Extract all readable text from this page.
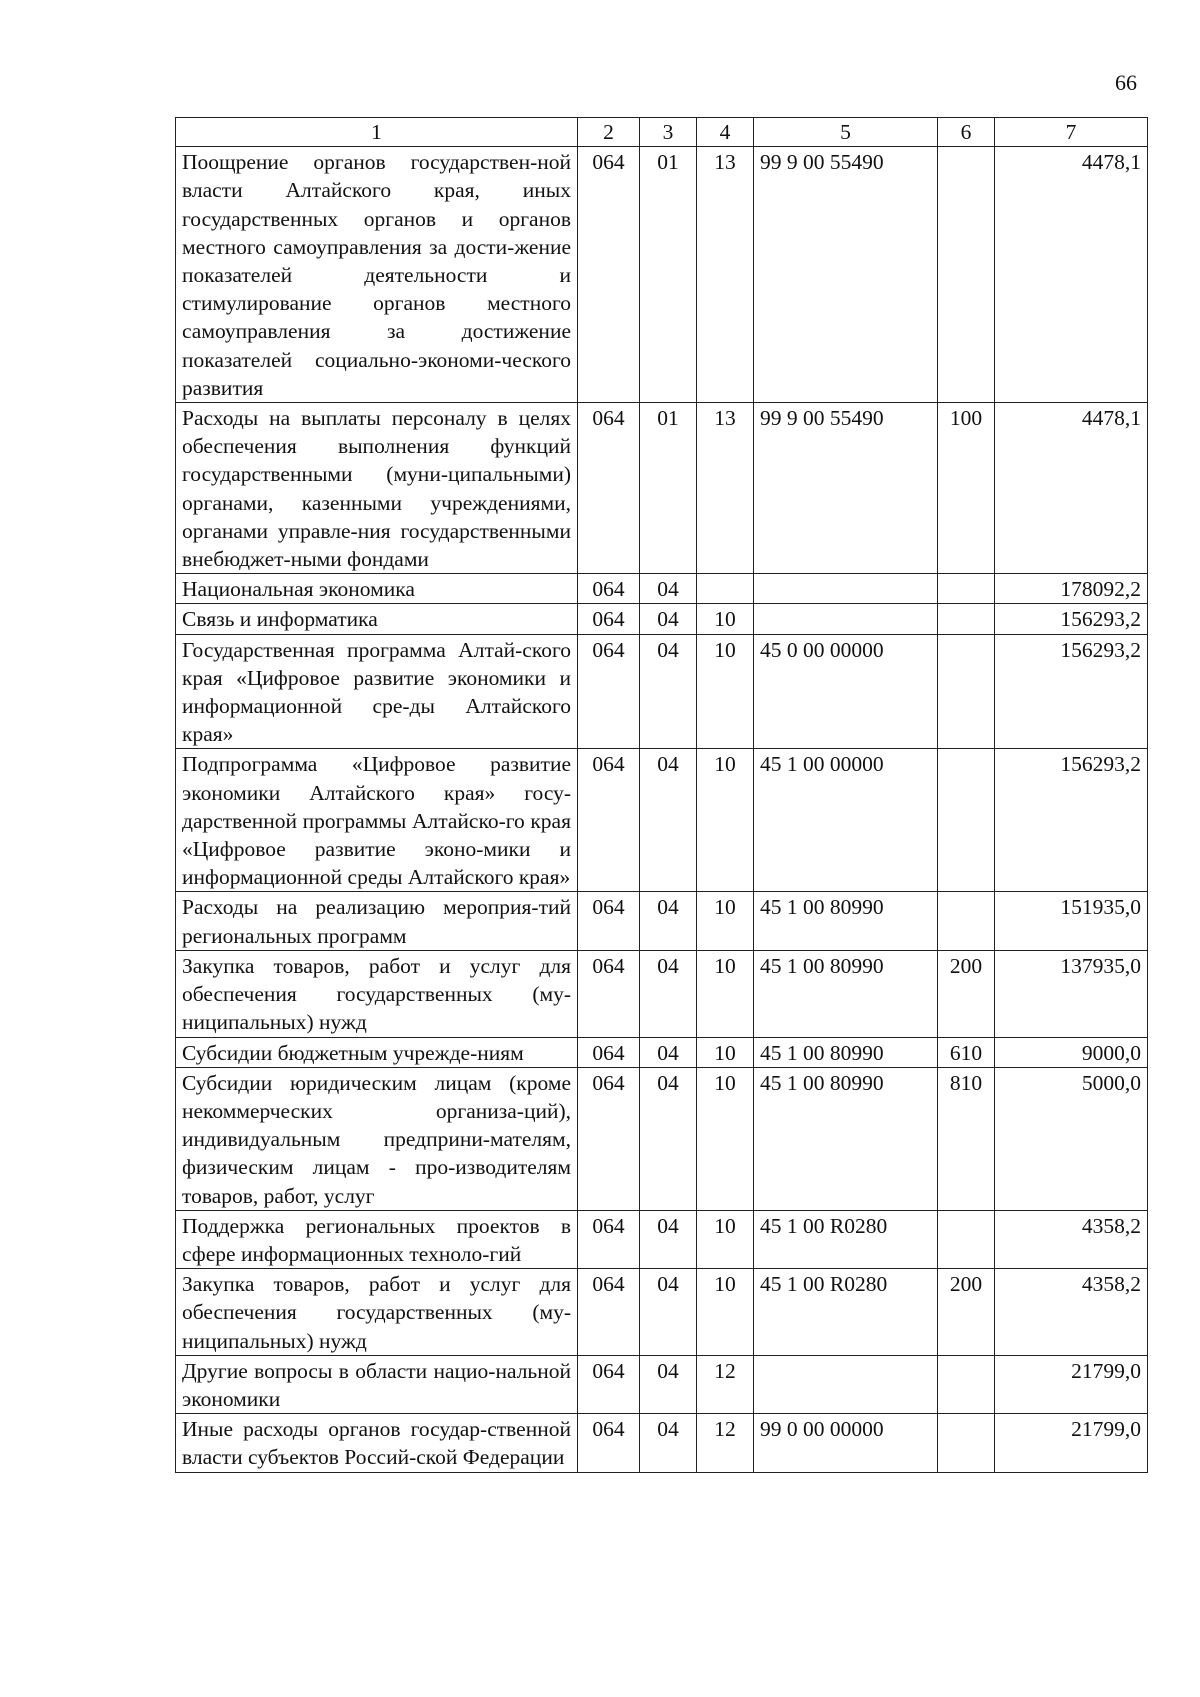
66
1	2	3	4	5	6	7
Поощрение органов государствен-ной власти Алтайского края, иных государственных органов и органов местного самоуправления за дости-жение показателей деятельности и стимулирование органов местного самоуправления за достижение показателей социально-экономи-ческого развития	064	01	13	99 9 00 55490		4478,1
Расходы на выплаты персоналу в целях обеспечения выполнения функций государственными (муни-ципальными) органами, казенными учреждениями, органами управле-ния государственными внебюджет-ными фондами	064	01	13	99 9 00 55490	100	4478,1
Национальная экономика	064	04				178092,2
Связь и информатика	064	04	10			156293,2
Государственная программа Алтай-ского края «Цифровое развитие экономики и информационной сре-ды Алтайского края»	064	04	10	45 0 00 00000		156293,2
Подпрограмма «Цифровое развитие экономики Алтайского края» госу-дарственной программы Алтайско-го края «Цифровое развитие эконо-мики и информационной среды Алтайского края»	064	04	10	45 1 00 00000		156293,2
Расходы на реализацию мероприя-тий региональных программ	064	04	10	45 1 00 80990		151935,0
Закупка товаров, работ и услуг для обеспечения государственных (му-ниципальных) нужд	064	04	10	45 1 00 80990	200	137935,0
Субсидии бюджетным учрежде-ниям	064	04	10	45 1 00 80990	610	9000,0
Субсидии юридическим лицам (кроме некоммерческих организа-ций), индивидуальным предприни-мателям, физическим лицам - про-изводителям товаров, работ, услуг	064	04	10	45 1 00 80990	810	5000,0
Поддержка региональных проектов в сфере информационных техноло-гий	064	04	10	45 1 00 R0280		4358,2
Закупка товаров, работ и услуг для обеспечения государственных (му-ниципальных) нужд	064	04	10	45 1 00 R0280	200	4358,2
Другие вопросы в области нацио-нальной экономики	064	04	12			21799,0
Иные расходы органов государ-ственной власти субъектов Россий-ской Федерации	064	04	12	99 0 00 00000		21799,0
